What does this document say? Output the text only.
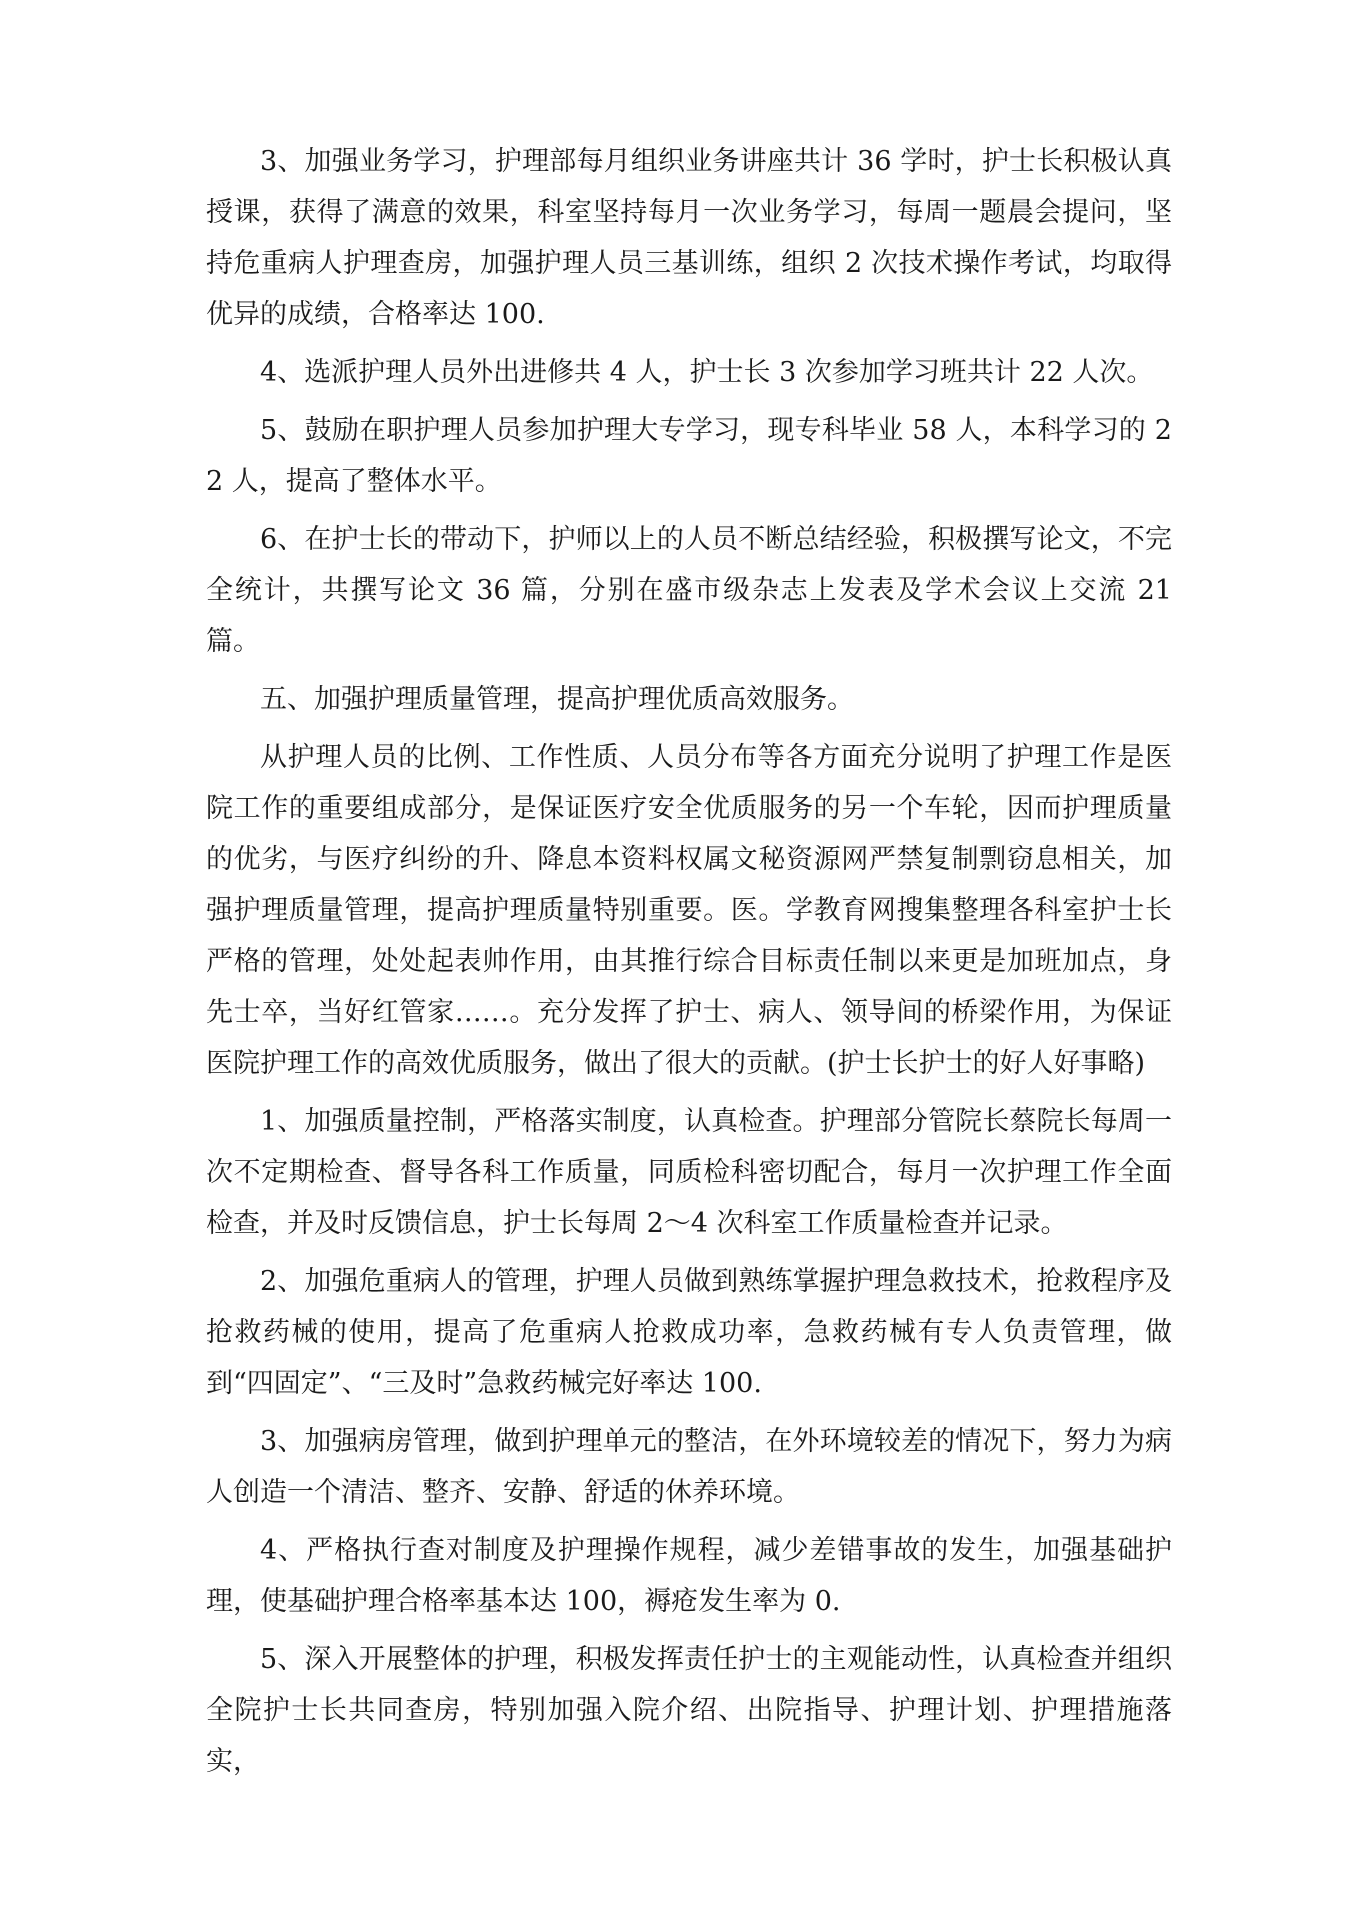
3、加强业务学习，护理部每月组织业务讲座共计 36 学时，护士长积极认真授课，获得了满意的效果，科室坚持每月一次业务学习，每周一题晨会提问，坚持危重病人护理查房，加强护理人员三基训练，组织 2 次技术操作考试，均取得优异的成绩，合格率达 100.

4、选派护理人员外出进修共 4 人，护士长 3 次参加学习班共计 22 人次。

5、鼓励在职护理人员参加护理大专学习，现专科毕业 58 人，本科学习的 22 人，提高了整体水平。

6、在护士长的带动下，护师以上的人员不断总结经验，积极撰写论文，不完全统计，共撰写论文 36 篇，分别在盛市级杂志上发表及学术会议上交流 21 篇。

五、加强护理质量管理，提高护理优质高效服务。

从护理人员的比例、工作性质、人员分布等各方面充分说明了护理工作是医院工作的重要组成部分，是保证医疗安全优质服务的另一个车轮，因而护理质量的优劣，与医疗纠纷的升、降息本资料权属文秘资源网严禁复制剽窃息相关，加强护理质量管理，提高护理质量特别重要。医。学教育网搜集整理各科室护士长严格的管理，处处起表帅作用，由其推行综合目标责任制以来更是加班加点，身先士卒，当好红管家……。充分发挥了护士、病人、领导间的桥梁作用，为保证医院护理工作的高效优质服务，做出了很大的贡献。(护士长护士的好人好事略)

1、加强质量控制，严格落实制度，认真检查。护理部分管院长蔡院长每周一次不定期检查、督导各科工作质量，同质检科密切配合，每月一次护理工作全面检查，并及时反馈信息，护士长每周 2～4 次科室工作质量检查并记录。

2、加强危重病人的管理，护理人员做到熟练掌握护理急救技术，抢救程序及抢救药械的使用，提高了危重病人抢救成功率，急救药械有专人负责管理，做到“四固定”、“三及时”急救药械完好率达 100.

3、加强病房管理，做到护理单元的整洁，在外环境较差的情况下，努力为病人创造一个清洁、整齐、安静、舒适的休养环境。

4、严格执行查对制度及护理操作规程，减少差错事故的发生，加强基础护理，使基础护理合格率基本达 100，褥疮发生率为 0.

5、深入开展整体的护理，积极发挥责任护士的主观能动性，认真检查并组织全院护士长共同查房，特别加强入院介绍、出院指导、护理计划、护理措施落实，
